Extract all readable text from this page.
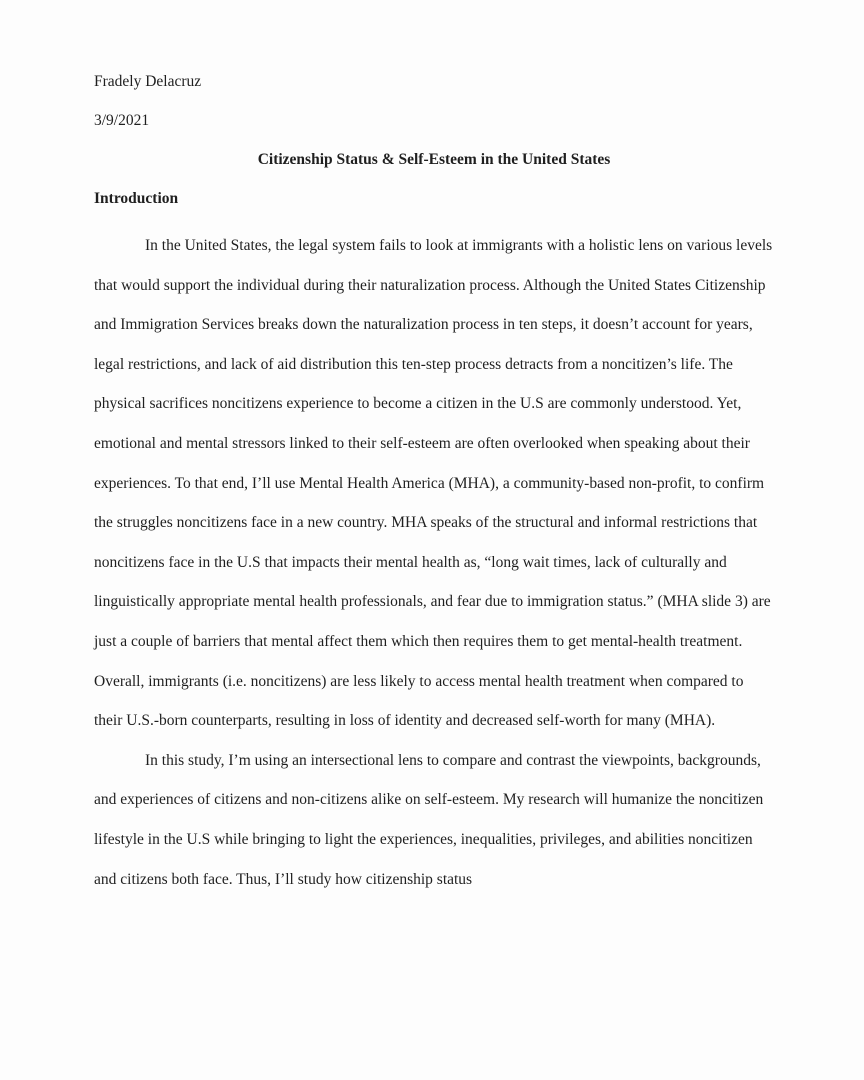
Fradely Delacruz

3/9/2021

Citizenship Status & Self-Esteem in the United States

Introduction

In the United States, the legal system fails to look at immigrants with a holistic lens on various levels that would support the individual during their naturalization process. Although the United States Citizenship and Immigration Services breaks down the naturalization process in ten steps, it doesn’t account for years, legal restrictions, and lack of aid distribution this ten-step process detracts from a noncitizen’s life. The physical sacrifices noncitizens experience to become a citizen in the U.S are commonly understood. Yet, emotional and mental stressors linked to their self-esteem are often overlooked when speaking about their experiences. To that end, I’ll use Mental Health America (MHA), a community-based non-profit, to confirm the struggles noncitizens face in a new country. MHA speaks of the structural and informal restrictions that noncitizens face in the U.S that impacts their mental health as, “long wait times, lack of culturally and linguistically appropriate mental health professionals, and fear due to immigration status.” (MHA slide 3) are just a couple of barriers that mental affect them which then requires them to get mental-health treatment. Overall, immigrants (i.e. noncitizens) are less likely to access mental health treatment when compared to their U.S.-born counterparts, resulting in loss of identity and decreased self-worth for many (MHA).

In this study, I’m using an intersectional lens to compare and contrast the viewpoints, backgrounds, and experiences of citizens and non-citizens alike on self-esteem. My research will humanize the noncitizen lifestyle in the U.S while bringing to light the experiences, inequalities, privileges, and abilities noncitizen and citizens both face. Thus, I’ll study how citizenship status
